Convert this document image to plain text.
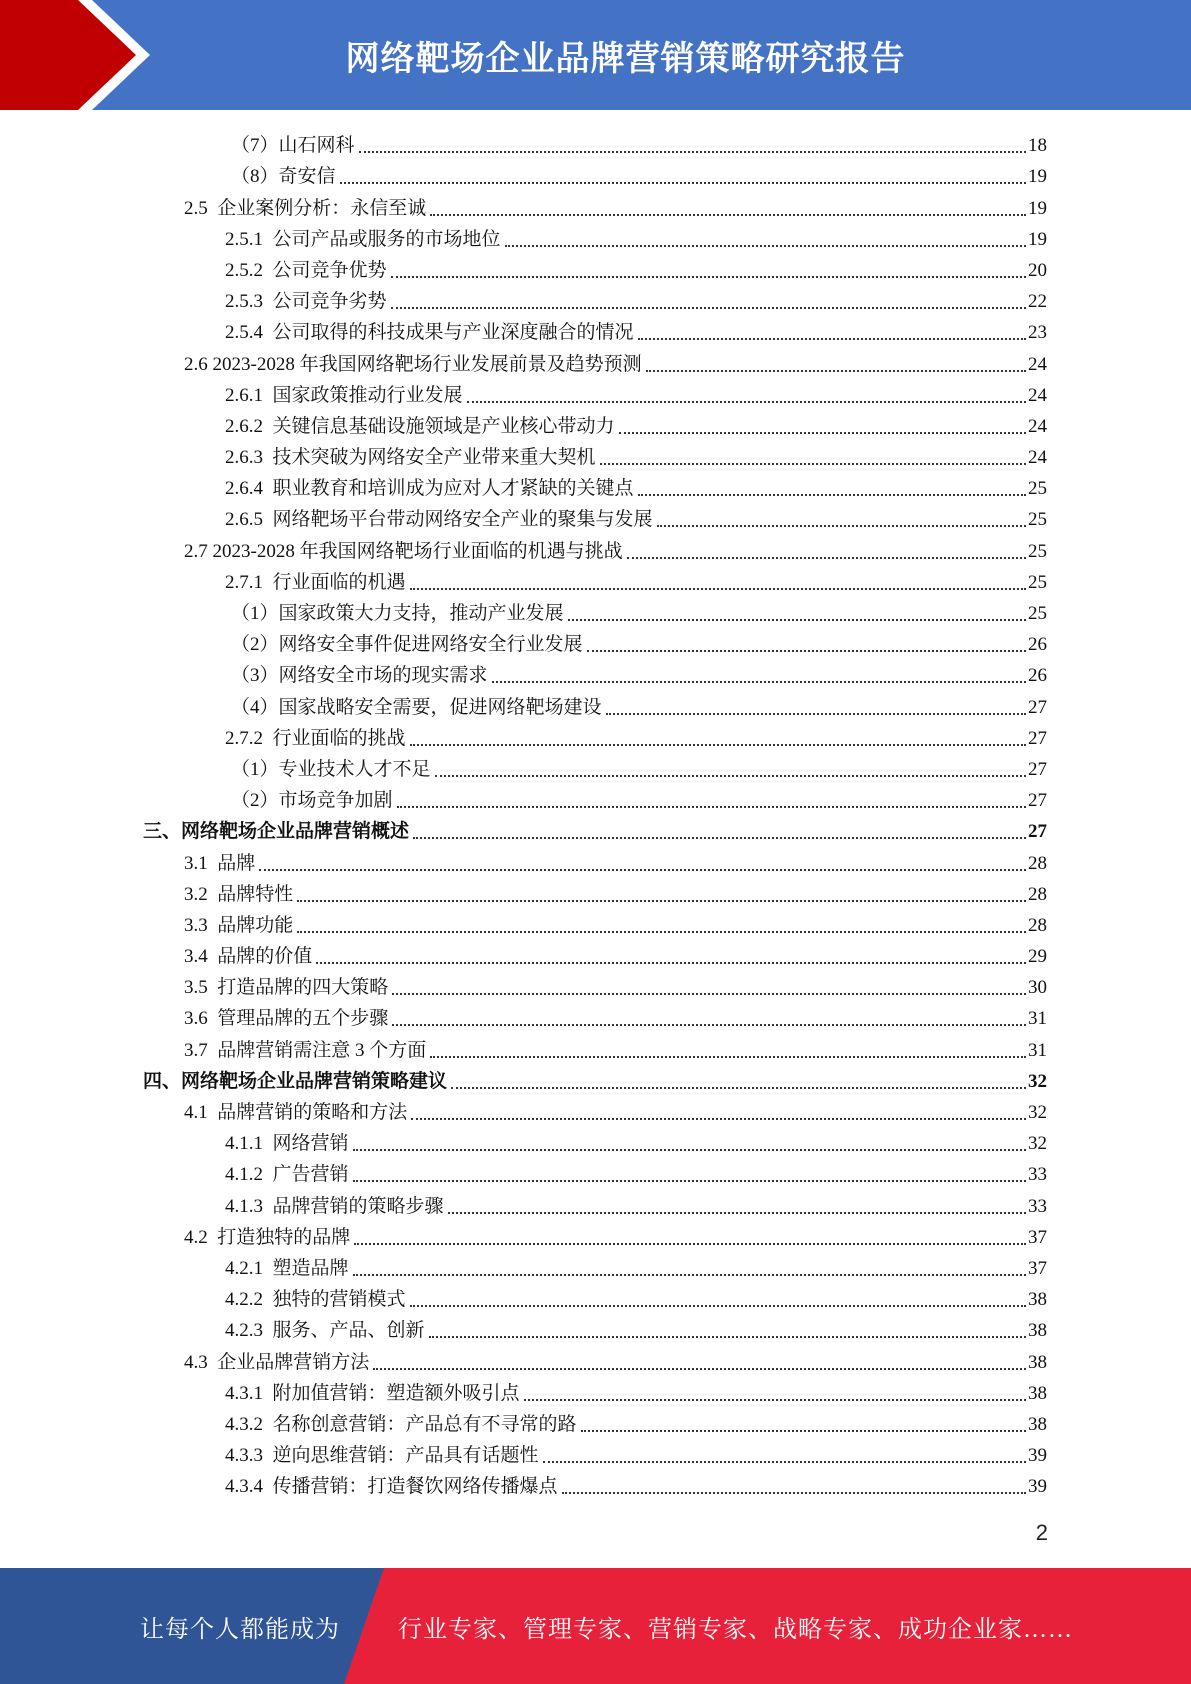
网络靶场企业品牌营销策略研究报告
（7）山石网科	18
（8）奇安信	19
2.5  企业案例分析：永信至诚	19
2.5.1  公司产品或服务的市场地位	19
2.5.2  公司竞争优势	20
2.5.3  公司竞争劣势	22
2.5.4  公司取得的科技成果与产业深度融合的情况	23
2.6 2023-2028 年我国网络靶场行业发展前景及趋势预测	24
2.6.1  国家政策推动行业发展	24
2.6.2  关键信息基础设施领域是产业核心带动力	24
2.6.3  技术突破为网络安全产业带来重大契机	24
2.6.4  职业教育和培训成为应对人才紧缺的关键点	25
2.6.5  网络靶场平台带动网络安全产业的聚集与发展	25
2.7 2023-2028 年我国网络靶场行业面临的机遇与挑战	25
2.7.1  行业面临的机遇	25
（1）国家政策大力支持，推动产业发展	25
（2）网络安全事件促进网络安全行业发展	26
（3）网络安全市场的现实需求	26
（4）国家战略安全需要，促进网络靶场建设	27
2.7.2  行业面临的挑战	27
（1）专业技术人才不足	27
（2）市场竞争加剧	27
三、网络靶场企业品牌营销概述	27
3.1  品牌	28
3.2  品牌特性	28
3.3  品牌功能	28
3.4  品牌的价值	29
3.5  打造品牌的四大策略	30
3.6  管理品牌的五个步骤	31
3.7  品牌营销需注意 3 个方面	31
四、网络靶场企业品牌营销策略建议	32
4.1  品牌营销的策略和方法	32
4.1.1  网络营销	32
4.1.2  广告营销	33
4.1.3  品牌营销的策略步骤	33
4.2  打造独特的品牌	37
4.2.1  塑造品牌	37
4.2.2  独特的营销模式	38
4.2.3  服务、产品、创新	38
4.3  企业品牌营销方法	38
4.3.1  附加值营销：塑造额外吸引点	38
4.3.2  名称创意营销：产品总有不寻常的路	38
4.3.3  逆向思维营销：产品具有话题性	39
4.3.4  传播营销：打造餐饮网络传播爆点	39
2
让每个人都能成为 行业专家、管理专家、营销专家、战略专家、成功企业家……
